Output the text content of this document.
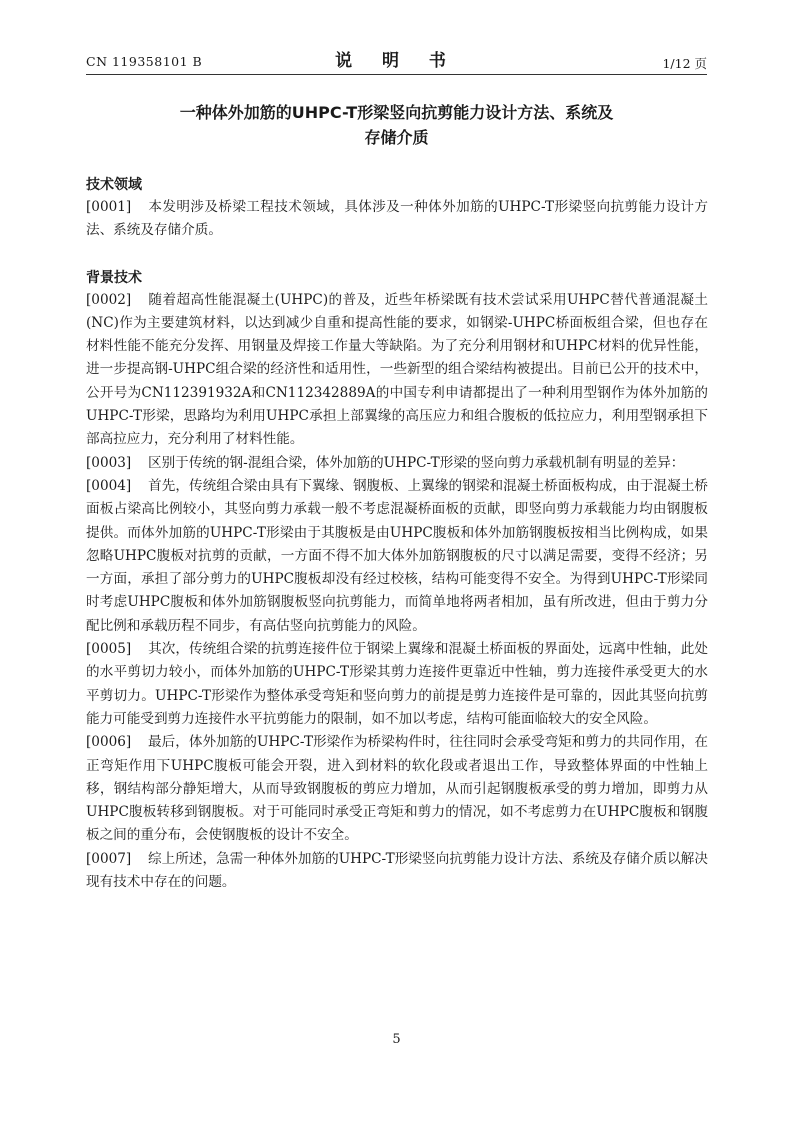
CN 119358101 B	说 明 书	1/12 页
一种体外加筋的UHPC-T形梁竖向抗剪能力设计方法、系统及
存储介质
技术领域

[0001] 本发明涉及桥梁工程技术领域，具体涉及一种体外加筋的UHPC-T形梁竖向抗剪能力设计方法、系统及存储介质。

背景技术

[0002] 随着超高性能混凝土(UHPC)的普及，近些年桥梁既有技术尝试采用UHPC替代普通混凝土(NC)作为主要建筑材料，以达到减少自重和提高性能的要求，如钢梁-UHPC桥面板组合梁，但也存在材料性能不能充分发挥、用钢量及焊接工作量大等缺陷。为了充分利用钢材和UHPC材料的优异性能，进一步提高钢-UHPC组合梁的经济性和适用性，一些新型的组合梁结构被提出。目前已公开的技术中，公开号为CN112391932A和CN112342889A的中国专利申请都提出了一种利用型钢作为体外加筋的UHPC-T形梁，思路均为利用UHPC承担上部翼缘的高压应力和组合腹板的低拉应力，利用型钢承担下部高拉应力，充分利用了材料性能。

[0003] 区别于传统的钢-混组合梁，体外加筋的UHPC-T形梁的竖向剪力承载机制有明显的差异：

[0004] 首先，传统组合梁由具有下翼缘、钢腹板、上翼缘的钢梁和混凝土桥面板构成，由于混凝土桥面板占梁高比例较小，其竖向剪力承载一般不考虑混凝桥面板的贡献，即竖向剪力承载能力均由钢腹板提供。而体外加筋的UHPC-T形梁由于其腹板是由UHPC腹板和体外加筋钢腹板按相当比例构成，如果忽略UHPC腹板对抗剪的贡献，一方面不得不加大体外加筋钢腹板的尺寸以满足需要，变得不经济；另一方面，承担了部分剪力的UHPC腹板却没有经过校核，结构可能变得不安全。为得到UHPC-T形梁同时考虑UHPC腹板和体外加筋钢腹板竖向抗剪能力，而简单地将两者相加，虽有所改进，但由于剪力分配比例和承载历程不同步，有高估竖向抗剪能力的风险。

[0005] 其次，传统组合梁的抗剪连接件位于钢梁上翼缘和混凝土桥面板的界面处，远离中性轴，此处的水平剪切力较小，而体外加筋的UHPC-T形梁其剪力连接件更靠近中性轴，剪力连接件承受更大的水平剪切力。UHPC-T形梁作为整体承受弯矩和竖向剪力的前提是剪力连接件是可靠的，因此其竖向抗剪能力可能受到剪力连接件水平抗剪能力的限制，如不加以考虑，结构可能面临较大的安全风险。

[0006] 最后，体外加筋的UHPC-T形梁作为桥梁构件时，往往同时会承受弯矩和剪力的共同作用，在正弯矩作用下UHPC腹板可能会开裂，进入到材料的软化段或者退出工作，导致整体界面的中性轴上移，钢结构部分静矩增大，从而导致钢腹板的剪应力增加，从而引起钢腹板承受的剪力增加，即剪力从UHPC腹板转移到钢腹板。对于可能同时承受正弯矩和剪力的情况，如不考虑剪力在UHPC腹板和钢腹板之间的重分布，会使钢腹板的设计不安全。

[0007] 综上所述，急需一种体外加筋的UHPC-T形梁竖向抗剪能力设计方法、系统及存储介质以解决现有技术中存在的问题。

5
